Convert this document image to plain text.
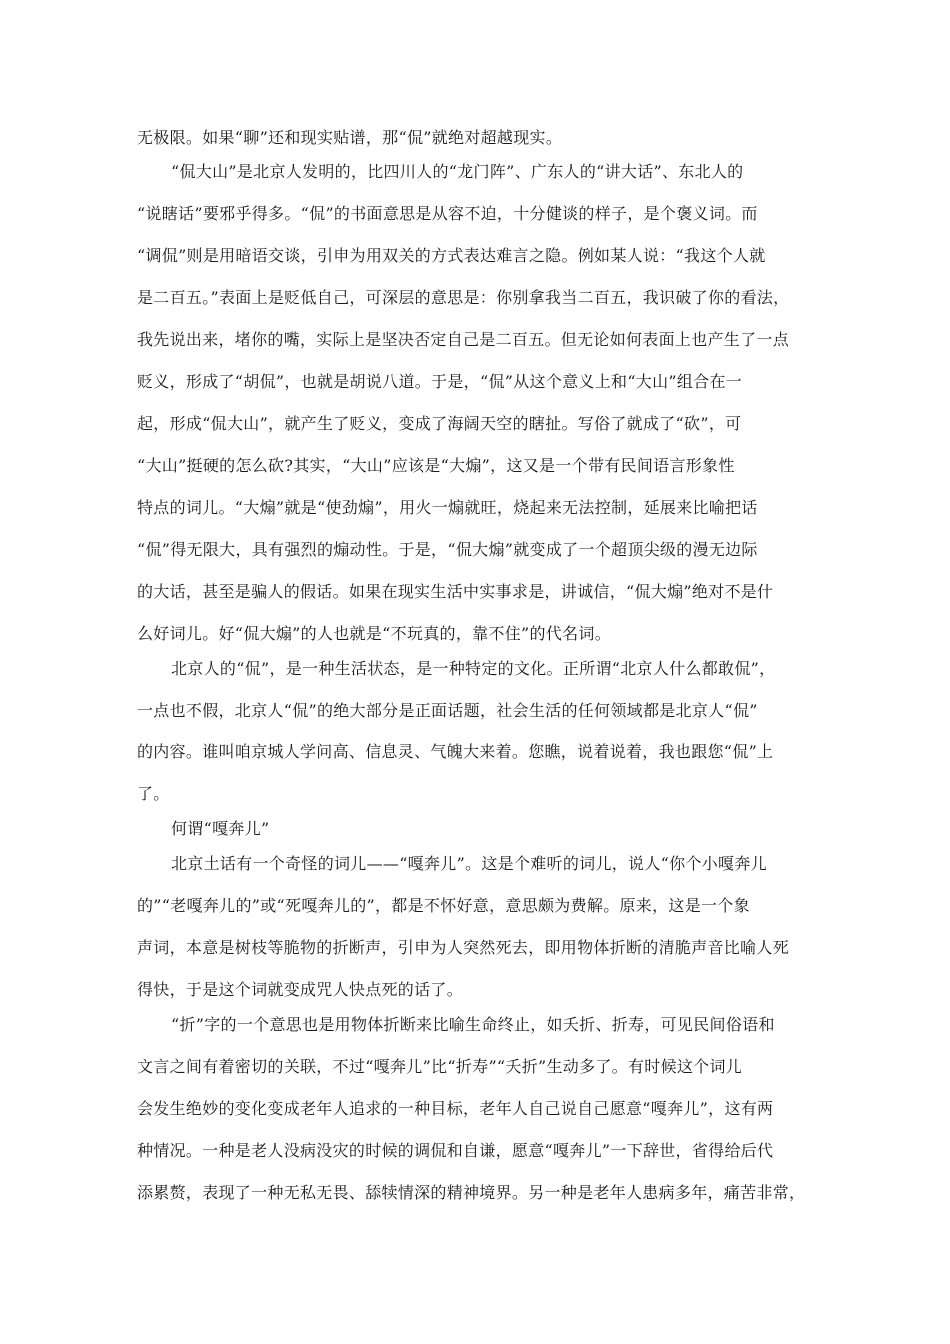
无极限。如果“聊”还和现实贴谱，那“侃”就绝对超越现实。
“侃大山”是北京人发明的，比四川人的“龙门阵”、广东人的“讲大话”、东北人的
“说瞎话”要邪乎得多。“侃”的书面意思是从容不迫，十分健谈的样子，是个褒义词。而
“调侃”则是用暗语交谈，引申为用双关的方式表达难言之隐。例如某人说：“我这个人就
是二百五。”表面上是贬低自己，可深层的意思是：你别拿我当二百五，我识破了你的看法，
我先说出来，堵你的嘴，实际上是坚决否定自己是二百五。但无论如何表面上也产生了一点
贬义，形成了“胡侃”，也就是胡说八道。于是，“侃”从这个意义上和“大山”组合在一
起，形成“侃大山”，就产生了贬义，变成了海阔天空的瞎扯。写俗了就成了“砍”，可
“大山”挺硬的怎么砍?其实，“大山”应该是“大煽”，这又是一个带有民间语言形象性
特点的词儿。“大煽”就是“使劲煽”，用火一煽就旺，烧起来无法控制，延展来比喻把话
“侃”得无限大，具有强烈的煽动性。于是，“侃大煽”就变成了一个超顶尖级的漫无边际
的大话，甚至是骗人的假话。如果在现实生活中实事求是，讲诚信，“侃大煽”绝对不是什
么好词儿。好“侃大煽”的人也就是“不玩真的，靠不住”的代名词。
北京人的“侃”，是一种生活状态，是一种特定的文化。正所谓“北京人什么都敢侃”，
一点也不假，北京人“侃”的绝大部分是正面话题，社会生活的任何领域都是北京人“侃”
的内容。谁叫咱京城人学问高、信息灵、气魄大来着。您瞧，说着说着，我也跟您“侃”上
了。
何谓“嘎奔儿”
北京土话有一个奇怪的词儿——“嘎奔儿”。这是个难听的词儿，说人“你个小嘎奔儿
的”“老嘎奔儿的”或“死嘎奔儿的”，都是不怀好意，意思颇为费解。原来，这是一个象
声词，本意是树枝等脆物的折断声，引申为人突然死去，即用物体折断的清脆声音比喻人死
得快，于是这个词就变成咒人快点死的话了。
“折”字的一个意思也是用物体折断来比喻生命终止，如夭折、折寿，可见民间俗语和
文言之间有着密切的关联，不过“嘎奔儿”比“折寿”“夭折”生动多了。有时候这个词儿
会发生绝妙的变化变成老年人追求的一种目标，老年人自己说自己愿意“嘎奔儿”，这有两
种情况。一种是老人没病没灾的时候的调侃和自谦，愿意“嘎奔儿”一下辞世，省得给后代
添累赘，表现了一种无私无畏、舔犊情深的精神境界。另一种是老年人患病多年，痛苦非常，
